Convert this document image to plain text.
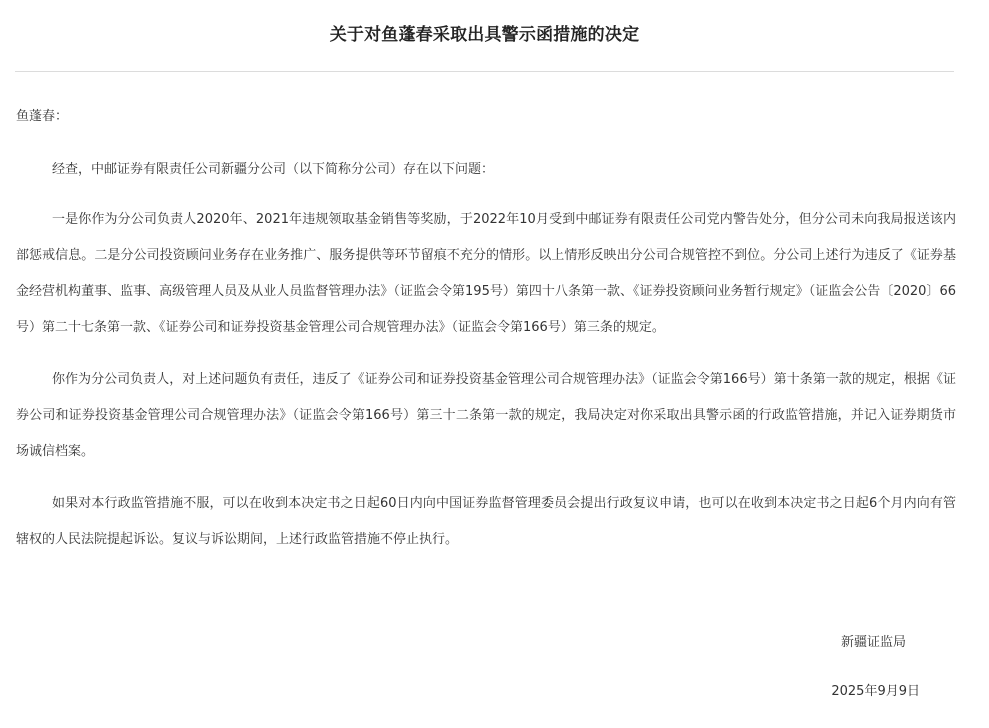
关于对鱼蓬春采取出具警示函措施的决定
鱼蓬春：

经查，中邮证券有限责任公司新疆分公司（以下简称分公司）存在以下问题：

一是你作为分公司负责人2020年、2021年违规领取基金销售等奖励，于2022年10月受到中邮证券有限责任公司党内警告处分，但分公司未向我局报送该内部惩戒信息。二是分公司投资顾问业务存在业务推广、服务提供等环节留痕不充分的情形。以上情形反映出分公司合规管控不到位。分公司上述行为违反了《证券基金经营机构董事、监事、高级管理人员及从业人员监督管理办法》（证监会令第195号）第四十八条第一款、《证券投资顾问业务暂行规定》（证监会公告〔2020〕66号）第二十七条第一款、《证券公司和证券投资基金管理公司合规管理办法》（证监会令第166号）第三条的规定。

你作为分公司负责人，对上述问题负有责任，违反了《证券公司和证券投资基金管理公司合规管理办法》（证监会令第166号）第十条第一款的规定，根据《证券公司和证券投资基金管理公司合规管理办法》（证监会令第166号）第三十二条第一款的规定，我局决定对你采取出具警示函的行政监管措施，并记入证券期货市场诚信档案。

如果对本行政监管措施不服，可以在收到本决定书之日起60日内向中国证券监督管理委员会提出行政复议申请，也可以在收到本决定书之日起6个月内向有管辖权的人民法院提起诉讼。复议与诉讼期间，上述行政监管措施不停止执行。

新疆证监局
2025年9月9日
